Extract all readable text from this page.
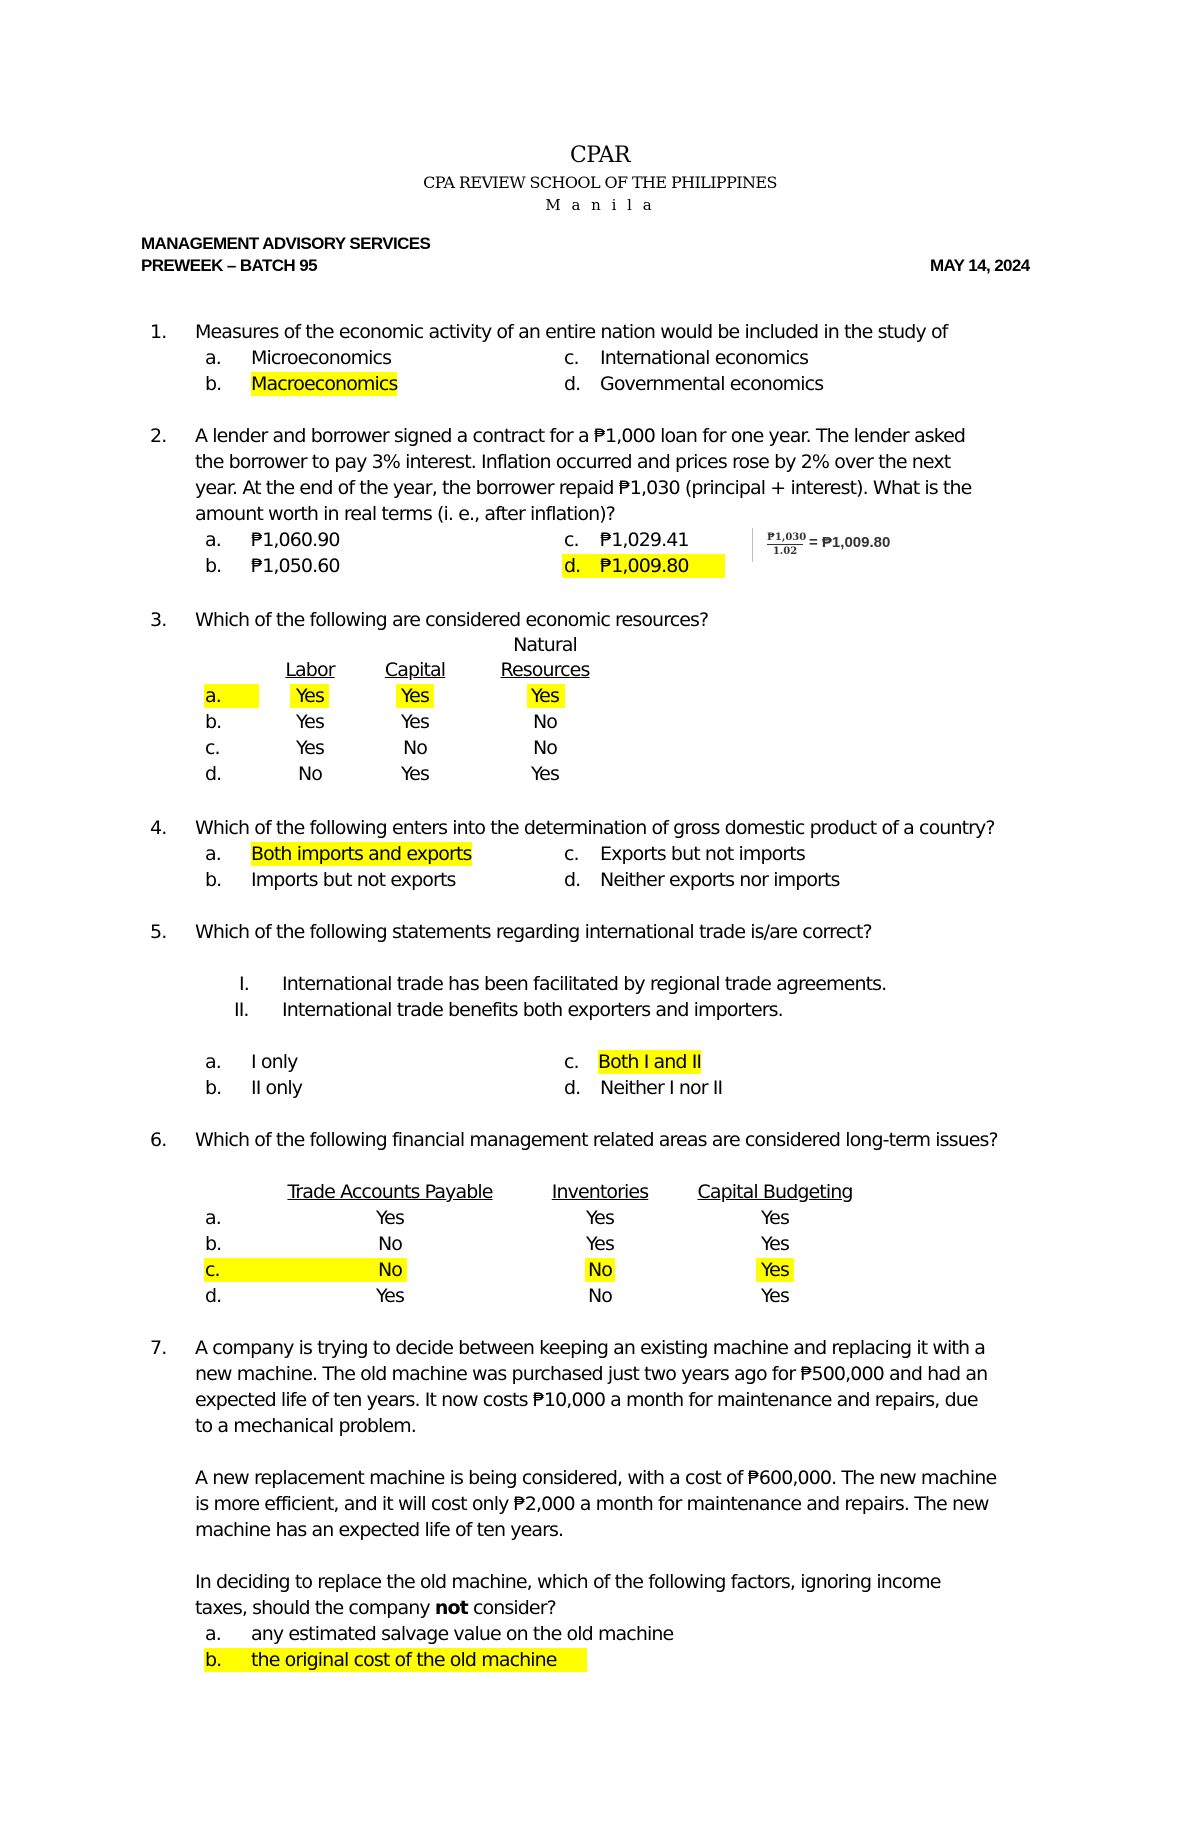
CPAR
CPA REVIEW SCHOOL OF THE PHILIPPINES
M a n i l a
MANAGEMENT ADVISORY SERVICES
PREWEEK – BATCH 95	MAY 14, 2024
1. Measures of the economic activity of an entire nation would be included in the study of
a. Microeconomics
b. Macroeconomics
c. International economics
d. Governmental economics
2. A lender and borrower signed a contract for a ₱1,000 loan for one year. The lender asked
the borrower to pay 3% interest. Inflation occurred and prices rose by 2% over the next
year. At the end of the year, the borrower repaid ₱1,030 (principal + interest). What is the
amount worth in real terms (i. e., after inflation)?
a. ₱1,060.90
b. ₱1,050.60
c. ₱1,029.41
d. ₱1,009.80
$\frac{₱1,030}{1.02}$ = ₱1,009.80
3. Which of the following are considered economic resources?
Natural
Labor	Capital	Resources
a.	Yes	Yes	Yes
b.	Yes	Yes	No
c.	Yes	No	No
d.	No	Yes	Yes
4. Which of the following enters into the determination of gross domestic product of a country?
a. Both imports and exports
b. Imports but not exports
c. Exports but not imports
d. Neither exports nor imports
5. Which of the following statements regarding international trade is/are correct?
I. International trade has been facilitated by regional trade agreements.
II. International trade benefits both exporters and importers.
a. I only
b. II only
c. Both I and II
d. Neither I nor II
6. Which of the following financial management related areas are considered long-term issues?
Trade Accounts Payable	Inventories	Capital Budgeting
a.	Yes	Yes	Yes
b.	No	Yes	Yes
c.	No	No	Yes
d.	Yes	No	Yes
7. A company is trying to decide between keeping an existing machine and replacing it with a
new machine. The old machine was purchased just two years ago for ₱500,000 and had an
expected life of ten years. It now costs ₱10,000 a month for maintenance and repairs, due
to a mechanical problem.
A new replacement machine is being considered, with a cost of ₱600,000. The new machine
is more efficient, and it will cost only ₱2,000 a month for maintenance and repairs. The new
machine has an expected life of ten years.
In deciding to replace the old machine, which of the following factors, ignoring income
taxes, should the company not consider?
a. any estimated salvage value on the old machine
b. the original cost of the old machine
